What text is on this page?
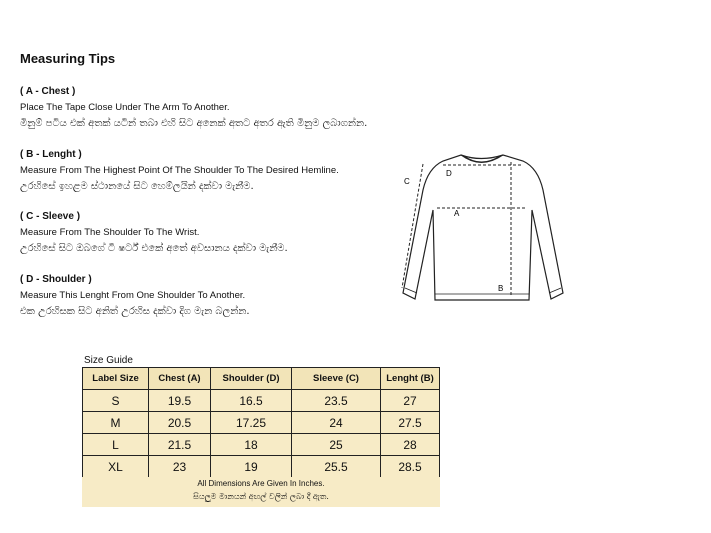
Measuring Tips
( A - Chest )
Place The Tape Close Under The Arm To Another.
මිනුම් පටිය එක් අතක් යටින් තබා එහි සිට අනෙක් අතට අතර ඇති මිනුම ලබාගන්න.
( B - Lenght )
Measure From The Highest Point Of The Shoulder To The Desired Hemline.
උරහිසේ ඉහළම ස්ථානයේ සිට හෙම්ලයින් දක්වා මැනීම.
( C - Sleeve )
Measure From The Shoulder To The Wrist.
උරහිසේ සිට ඔබගේ ටී ෂර්ට් එකේ අතේ අවසානය දක්වා මැනීම.
( D - Shoulder )
Measure This Lenght From One Shoulder To Another.
එක උරහිසක සිට අනිත් උරහිස දක්වා දිග මැන බලන්න.
A
B
C
D
Size Guide
Label Size	Chest (A)	Shoulder (D)	Sleeve (C)	Lenght (B)
S	19.5	16.5	23.5	27
M	20.5	17.25	24	27.5
L	21.5	18	25	28
XL	23	19	25.5	28.5
All Dimensions Are Given In Inches.
සියලුම මානයන් අඟල් වලින් ලබා දී ඇත.
